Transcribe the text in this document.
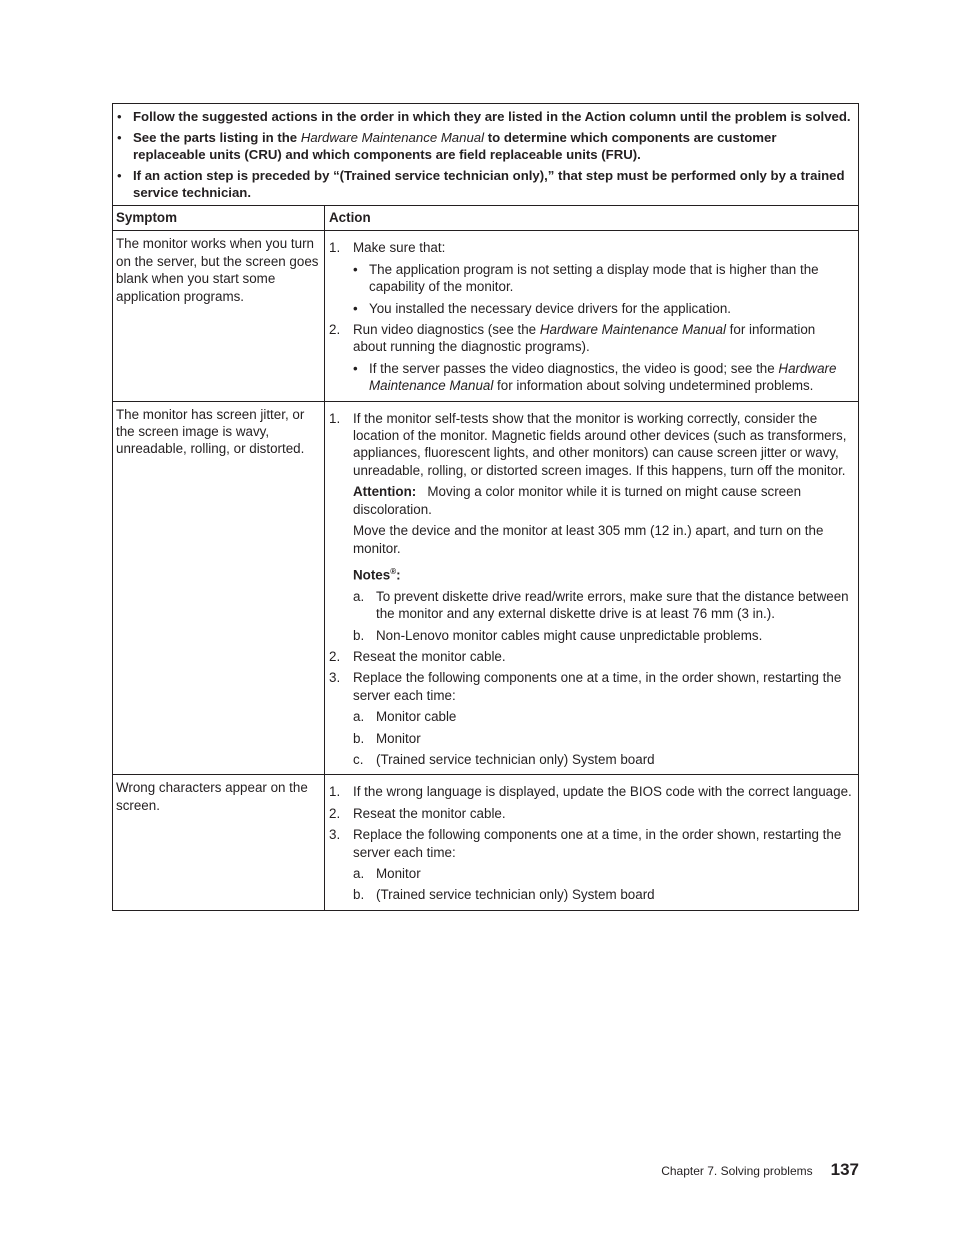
• Follow the suggested actions in the order in which they are listed in the Action column until the problem is solved.
• See the parts listing in the Hardware Maintenance Manual to determine which components are customer replaceable units (CRU) and which components are field replaceable units (FRU).
• If an action step is preceded by “(Trained service technician only),” that step must be performed only by a trained service technician.
Symptom	Action
The monitor works when you turn on the server, but the screen goes blank when you start some application programs.
1. Make sure that:
• The application program is not setting a display mode that is higher than the capability of the monitor.
• You installed the necessary device drivers for the application.
2. Run video diagnostics (see the Hardware Maintenance Manual for information about running the diagnostic programs).
• If the server passes the video diagnostics, the video is good; see the Hardware Maintenance Manual for information about solving undetermined problems.
The monitor has screen jitter, or the screen image is wavy, unreadable, rolling, or distorted.
1. If the monitor self-tests show that the monitor is working correctly, consider the location of the monitor. Magnetic fields around other devices (such as transformers, appliances, fluorescent lights, and other monitors) can cause screen jitter or wavy, unreadable, rolling, or distorted screen images. If this happens, turn off the monitor.
Attention: Moving a color monitor while it is turned on might cause screen discoloration.
Move the device and the monitor at least 305 mm (12 in.) apart, and turn on the monitor.
Notes®:
a. To prevent diskette drive read/write errors, make sure that the distance between the monitor and any external diskette drive is at least 76 mm (3 in.).
b. Non-Lenovo monitor cables might cause unpredictable problems.
2. Reseat the monitor cable.
3. Replace the following components one at a time, in the order shown, restarting the server each time:
a. Monitor cable
b. Monitor
c. (Trained service technician only) System board
Wrong characters appear on the screen.
1. If the wrong language is displayed, update the BIOS code with the correct language.
2. Reseat the monitor cable.
3. Replace the following components one at a time, in the order shown, restarting the server each time:
a. Monitor
b. (Trained service technician only) System board
Chapter 7. Solving problems 137
